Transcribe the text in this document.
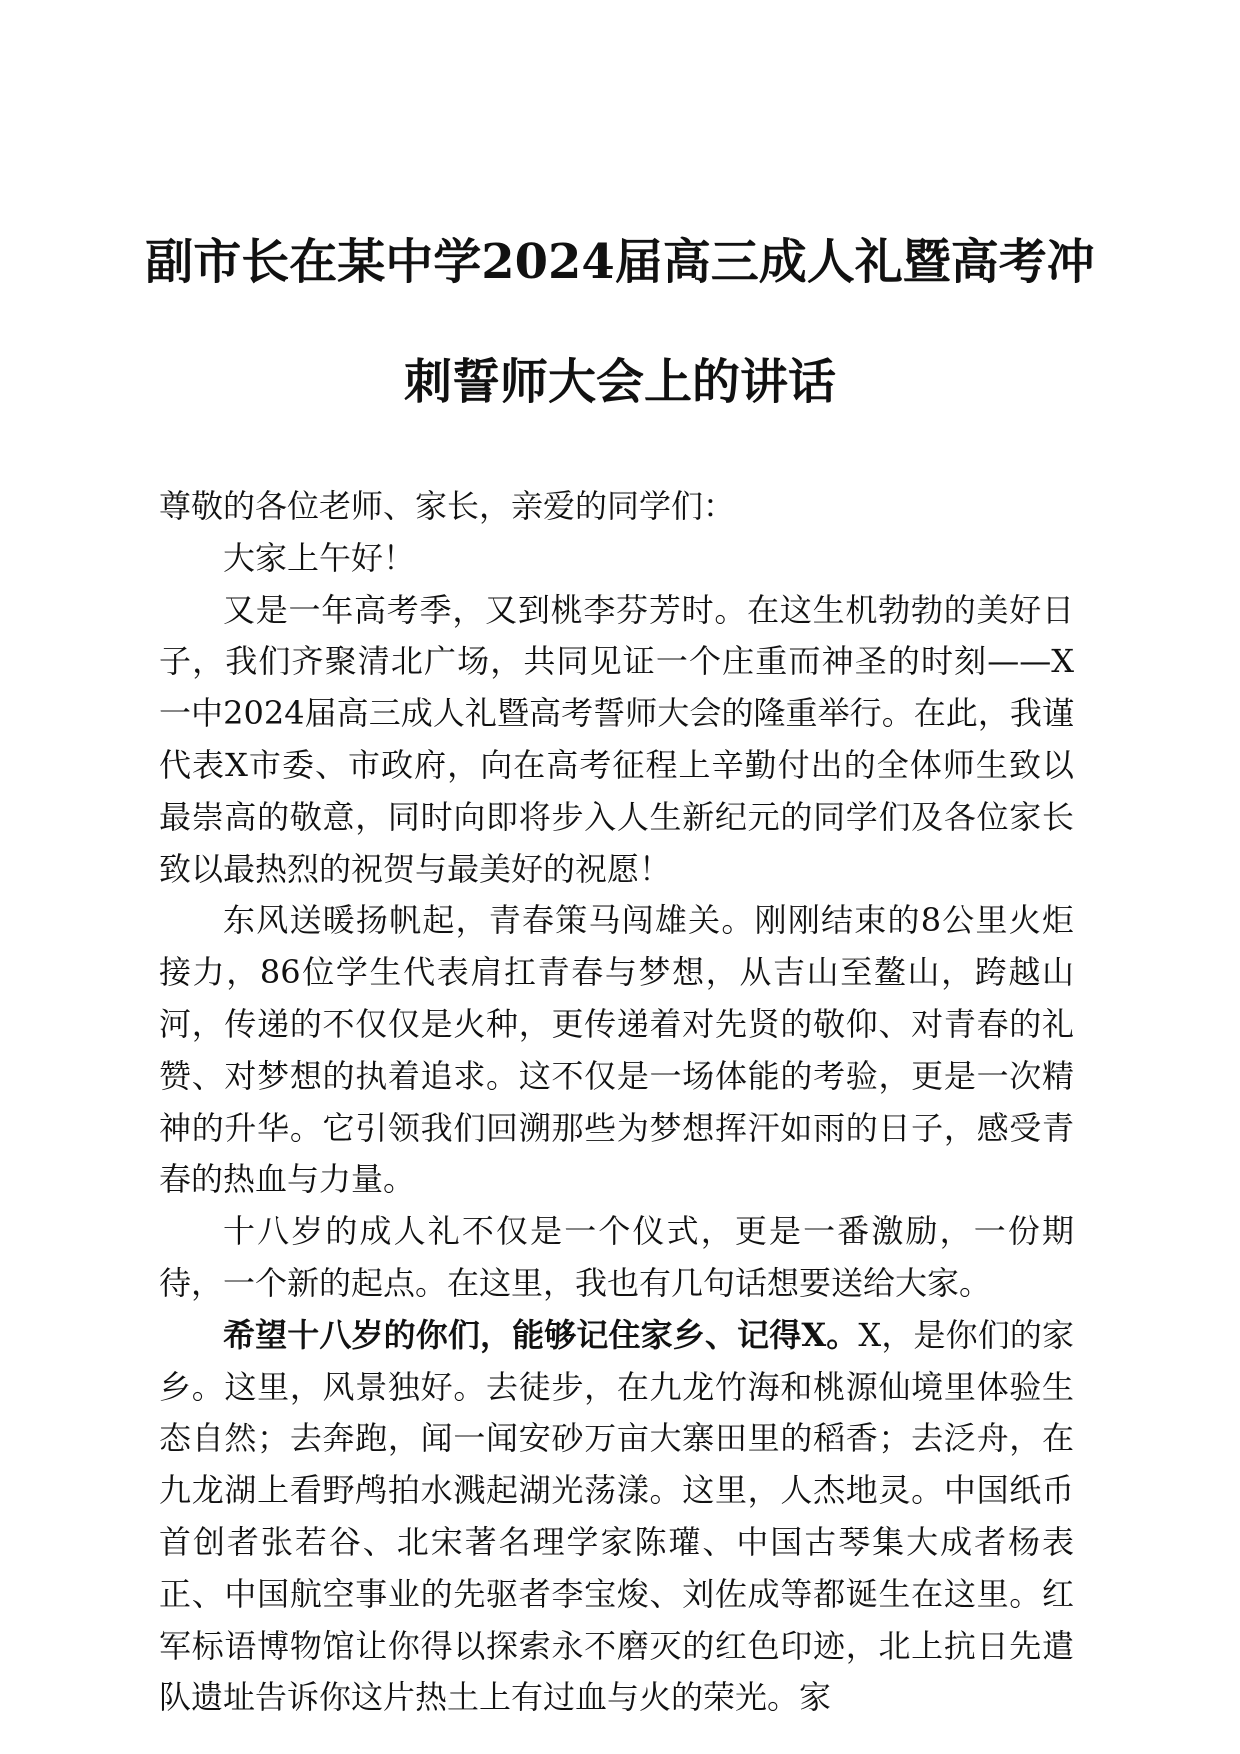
副市长在某中学2024届高三成人礼暨高考冲
刺誓师大会上的讲话

尊敬的各位老师、家长，亲爱的同学们：

大家上午好！

又是一年高考季，又到桃李芬芳时。在这生机勃勃的美好日子，我们齐聚清北广场，共同见证一个庄重而神圣的时刻——X一中2024届高三成人礼暨高考誓师大会的隆重举行。在此，我谨代表X市委、市政府，向在高考征程上辛勤付出的全体师生致以最崇高的敬意，同时向即将步入人生新纪元的同学们及各位家长致以最热烈的祝贺与最美好的祝愿！

东风送暖扬帆起，青春策马闯雄关。刚刚结束的8公里火炬接力，86位学生代表肩扛青春与梦想，从吉山至鳌山，跨越山河，传递的不仅仅是火种，更传递着对先贤的敬仰、对青春的礼赞、对梦想的执着追求。这不仅是一场体能的考验，更是一次精神的升华。它引领我们回溯那些为梦想挥汗如雨的日子，感受青春的热血与力量。

十八岁的成人礼不仅是一个仪式，更是一番激励，一份期待，一个新的起点。在这里，我也有几句话想要送给大家。

希望十八岁的你们，能够记住家乡、记得X。X，是你们的家乡。这里，风景独好。去徒步，在九龙竹海和桃源仙境里体验生态自然；去奔跑，闻一闻安砂万亩大寨田里的稻香；去泛舟，在九龙湖上看野鸬拍水溅起湖光荡漾。这里，人杰地灵。中国纸币首创者张若谷、北宋著名理学家陈瓘、中国古琴集大成者杨表正、中国航空事业的先驱者李宝焌、刘佐成等都诞生在这里。红军标语博物馆让你得以探索永不磨灭的红色印迹，北上抗日先遣队遗址告诉你这片热土上有过血与火的荣光。家
